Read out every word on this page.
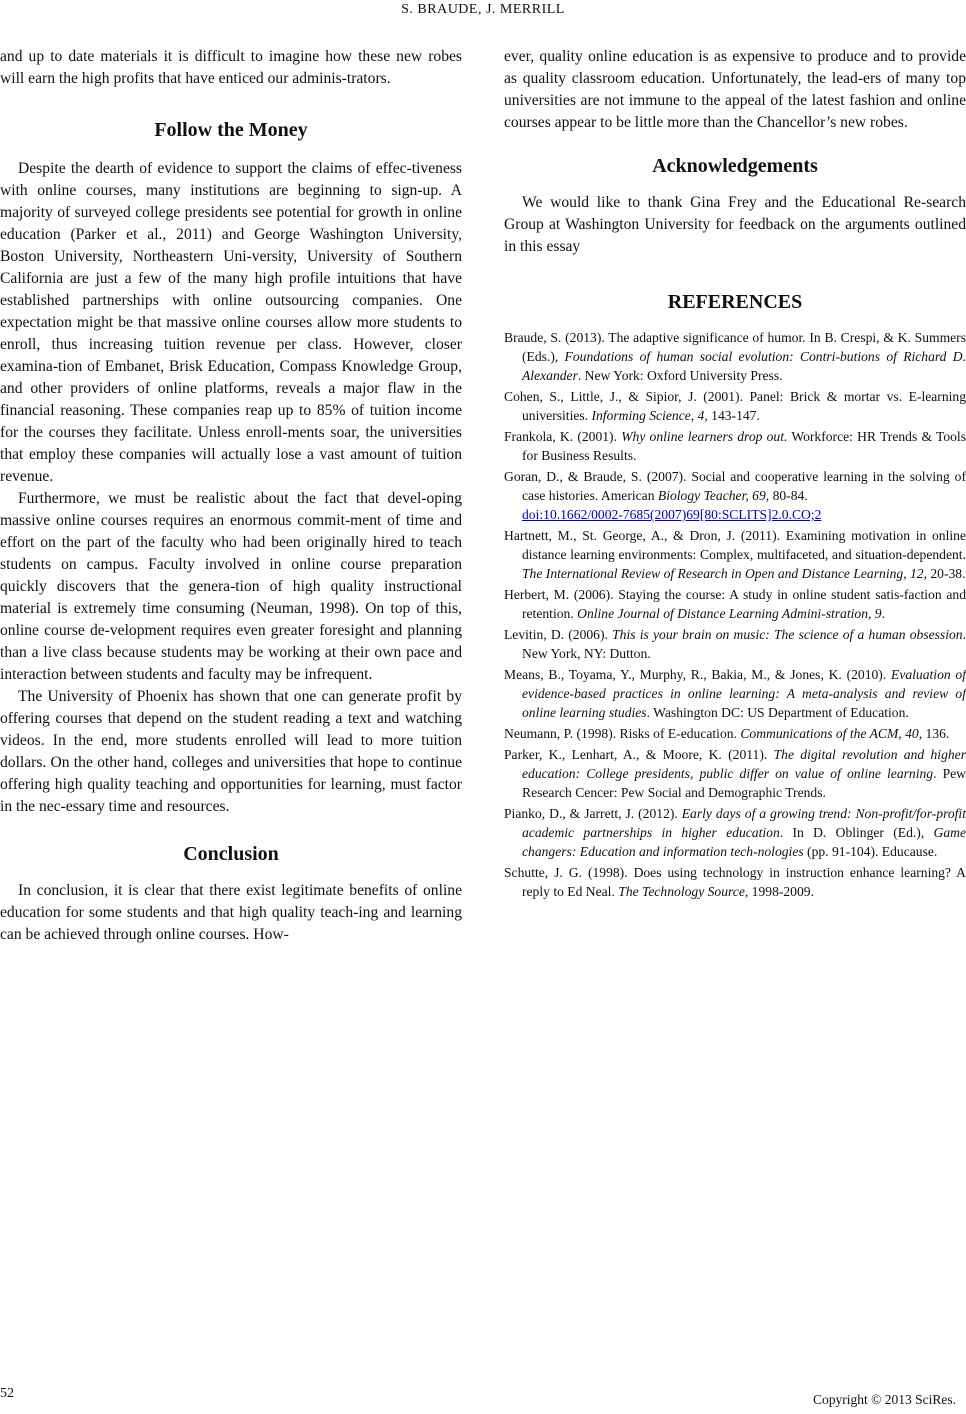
S. BRAUDE, J. MERRILL

and up to date materials it is difficult to imagine how these new robes will earn the high profits that have enticed our adminis-trators.

Follow the Money

Despite the dearth of evidence to support the claims of effec-tiveness with online courses, many institutions are beginning to sign-up. A majority of surveyed college presidents see potential for growth in online education (Parker et al., 2011) and George Washington University, Boston University, Northeastern Uni-versity, University of Southern California are just a few of the many high profile intuitions that have established partnerships with online outsourcing companies. One expectation might be that massive online courses allow more students to enroll, thus increasing tuition revenue per class. However, closer examina-tion of Embanet, Brisk Education, Compass Knowledge Group, and other providers of online platforms, reveals a major flaw in the financial reasoning. These companies reap up to 85% of tuition income for the courses they facilitate. Unless enroll-ments soar, the universities that employ these companies will actually lose a vast amount of tuition revenue.

Furthermore, we must be realistic about the fact that devel-oping massive online courses requires an enormous commit-ment of time and effort on the part of the faculty who had been originally hired to teach students on campus. Faculty involved in online course preparation quickly discovers that the genera-tion of high quality instructional material is extremely time consuming (Neuman, 1998). On top of this, online course de-velopment requires even greater foresight and planning than a live class because students may be working at their own pace and interaction between students and faculty may be infrequent.

The University of Phoenix has shown that one can generate profit by offering courses that depend on the student reading a text and watching videos. In the end, more students enrolled will lead to more tuition dollars. On the other hand, colleges and universities that hope to continue offering high quality teaching and opportunities for learning, must factor in the nec-essary time and resources.

Conclusion

In conclusion, it is clear that there exist legitimate benefits of online education for some students and that high quality teach-ing and learning can be achieved through online courses. How-

ever, quality online education is as expensive to produce and to provide as quality classroom education. Unfortunately, the lead-ers of many top universities are not immune to the appeal of the latest fashion and online courses appear to be little more than the Chancellor’s new robes.

Acknowledgements

We would like to thank Gina Frey and the Educational Re-search Group at Washington University for feedback on the arguments outlined in this essay

REFERENCES
Braude, S. (2013). The adaptive significance of humor. In B. Crespi, & K. Summers (Eds.), Foundations of human social evolution: Contri-butions of Richard D. Alexander. New York: Oxford University Press.
Cohen, S., Little, J., & Sipior, J. (2001). Panel: Brick & mortar vs. E-learning universities. Informing Science, 4, 143-147.
Frankola, K. (2001). Why online learners drop out. Workforce: HR Trends & Tools for Business Results.
Goran, D., & Braude, S. (2007). Social and cooperative learning in the solving of case histories. American Biology Teacher, 69, 80-84.
doi:10.1662/0002-7685(2007)69[80:SCLITS]2.0.CO;2
Hartnett, M., St. George, A., & Dron, J. (2011). Examining motivation in online distance learning environments: Complex, multifaceted, and situation-dependent. The International Review of Research in Open and Distance Learning, 12, 20-38.
Herbert, M. (2006). Staying the course: A study in online student satis-faction and retention. Online Journal of Distance Learning Admini-stration, 9.
Levitin, D. (2006). This is your brain on music: The science of a human obsession. New York, NY: Dutton.
Means, B., Toyama, Y., Murphy, R., Bakia, M., & Jones, K. (2010). Evaluation of evidence-based practices in online learning: A meta-analysis and review of online learning studies. Washington DC: US Department of Education.
Neumann, P. (1998). Risks of E-education. Communications of the ACM, 40, 136.
Parker, K., Lenhart, A., & Moore, K. (2011). The digital revolution and higher education: College presidents, public differ on value of online learning. Pew Research Cencer: Pew Social and Demographic Trends.
Pianko, D., & Jarrett, J. (2012). Early days of a growing trend: Non-profit/for-profit academic partnerships in higher education. In D. Oblinger (Ed.), Game changers: Education and information tech-nologies (pp. 91-104). Educause.
Schutte, J. G. (1998). Does using technology in instruction enhance learning? A reply to Ed Neal. The Technology Source, 1998-2009.
52	Copyright © 2013 SciRes.
